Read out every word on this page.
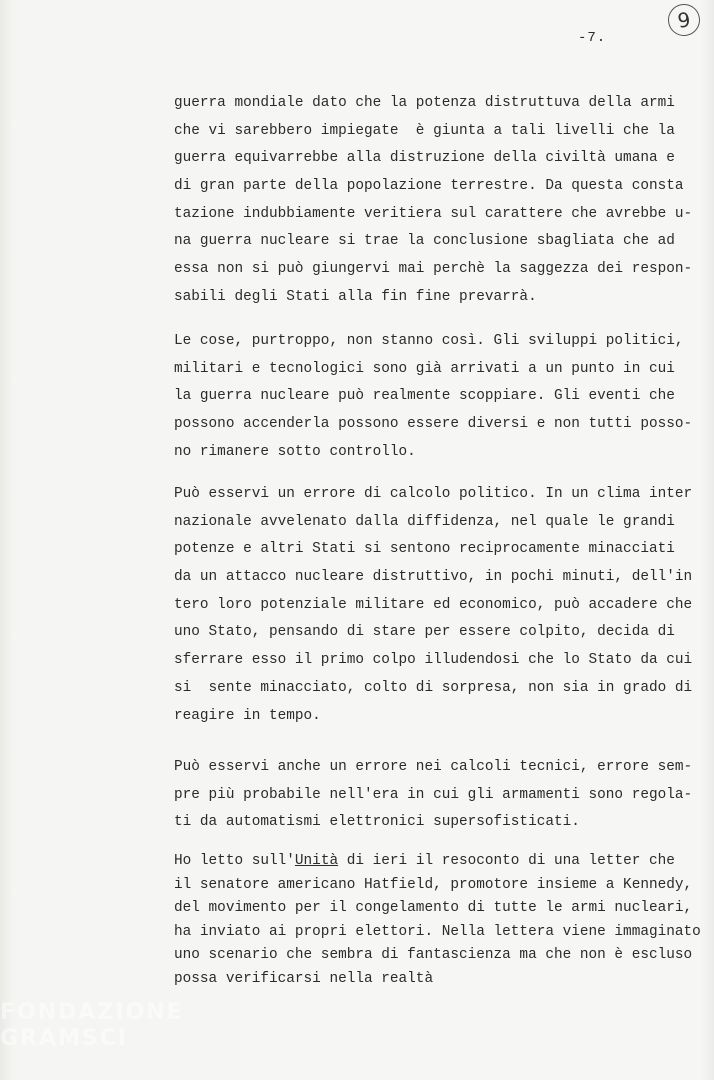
-7.
9
guerra mondiale dato che la potenza distruttuva della armi
che vi sarebbero impiegate  è giunta a tali livelli che la
guerra equivarrebbe alla distruzione della civiltà umana e
di gran parte della popolazione terrestre. Da questa consta
tazione indubbiamente veritiera sul carattere che avrebbe u-
na guerra nucleare si trae la conclusione sbagliata che ad
essa non si può giungervi mai perchè la saggezza dei respon-
sabili degli Stati alla fin fine prevarrà.
Le cose, purtroppo, non stanno così. Gli sviluppi politici,
militari e tecnologici sono già arrivati a un punto in cui
la guerra nucleare può realmente scoppiare. Gli eventi che
possono accenderla possono essere diversi e non tutti posso-
no rimanere sotto controllo.
Può esservi un errore di calcolo politico. In un clima inter
nazionale avvelenato dalla diffidenza, nel quale le grandi
potenze e altri Stati si sentono reciprocamente minacciati
da un attacco nucleare distruttivo, in pochi minuti, dell'in
tero loro potenziale militare ed economico, può accadere che
uno Stato, pensando di stare per essere colpito, decida di
sferrare esso il primo colpo illudendosi che lo Stato da cui
si  sente minacciato, colto di sorpresa, non sia in grado di
reagire in tempo.
Può esservi anche un errore nei calcoli tecnici, errore sem-
pre più probabile nell'era in cui gli armamenti sono regola-
ti da automatismi elettronici supersofisticati.
Ho letto sull'Unità di ieri il resoconto di una letter che
il senatore americano Hatfield, promotore insieme a Kennedy,
del movimento per il congelamento di tutte le armi nucleari,
ha inviato ai propri elettori. Nella lettera viene immaginato
uno scenario che sembra di fantascienza ma che non è escluso
possa verificarsi nella realtà
FONDAZIONE GRAMSCI
